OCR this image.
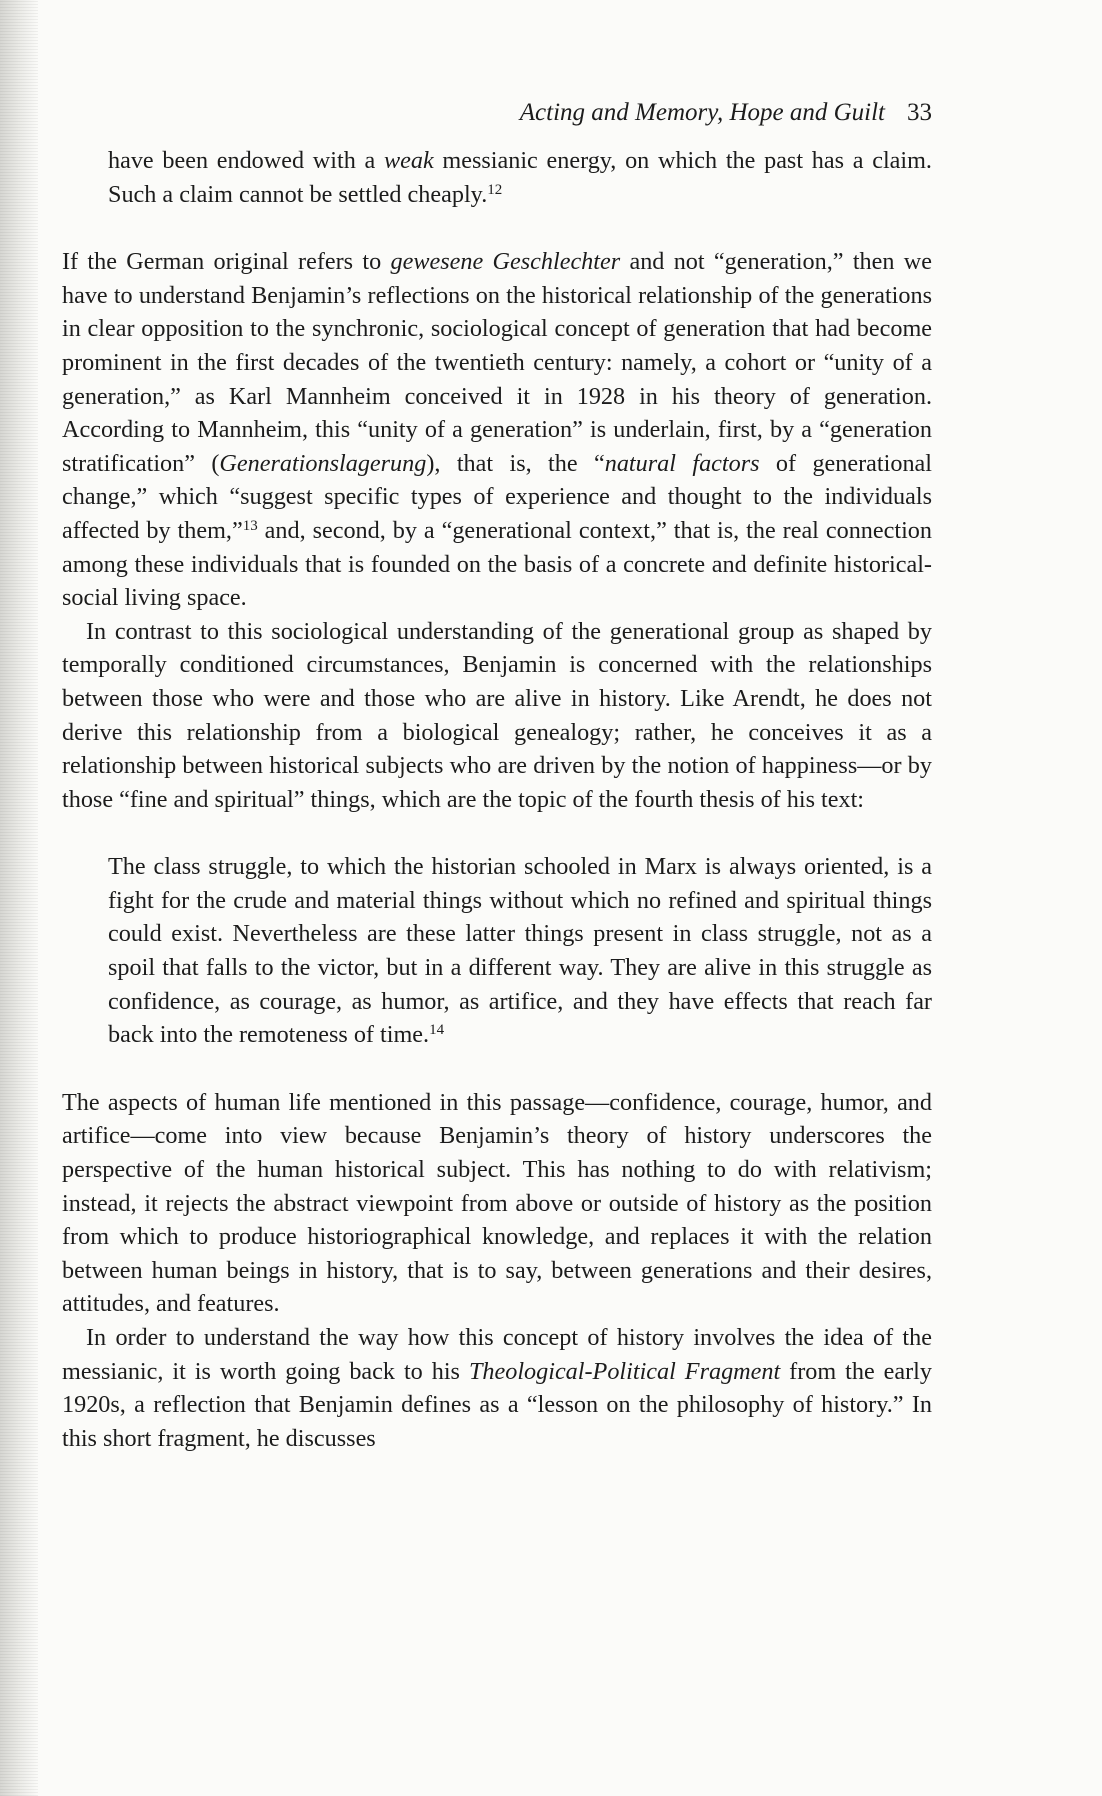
Acting and Memory, Hope and Guilt 33

have been endowed with a weak messianic energy, on which the past has a claim. Such a claim cannot be settled cheaply.$^{12}$

If the German original refers to gewesene Geschlechter and not “generation,” then we have to understand Benjamin’s reflections on the historical relationship of the generations in clear opposition to the synchronic, sociological concept of generation that had become prominent in the first decades of the twentieth century: namely, a cohort or “unity of a generation,” as Karl Mannheim conceived it in 1928 in his theory of generation. According to Mannheim, this “unity of a generation” is underlain, first, by a “generation stratification” (Generationslagerung), that is, the “natural factors of generational change,” which “suggest specific types of experience and thought to the individuals affected by them,”$^{13}$ and, second, by a “generational context,” that is, the real connection among these individuals that is founded on the basis of a concrete and definite historical-social living space.

In contrast to this sociological understanding of the generational group as shaped by temporally conditioned circumstances, Benjamin is concerned with the relationships between those who were and those who are alive in history. Like Arendt, he does not derive this relationship from a biological genealogy; rather, he conceives it as a relationship between historical subjects who are driven by the notion of happiness—or by those “fine and spiritual” things, which are the topic of the fourth thesis of his text:

The class struggle, to which the historian schooled in Marx is always oriented, is a fight for the crude and material things without which no refined and spiritual things could exist. Nevertheless are these latter things present in class struggle, not as a spoil that falls to the victor, but in a different way. They are alive in this struggle as confidence, as courage, as humor, as artifice, and they have effects that reach far back into the remoteness of time.$^{14}$

The aspects of human life mentioned in this passage—confidence, courage, humor, and artifice—come into view because Benjamin’s theory of history underscores the perspective of the human historical subject. This has nothing to do with relativism; instead, it rejects the abstract viewpoint from above or outside of history as the position from which to produce historiographical knowledge, and replaces it with the relation between human beings in history, that is to say, between generations and their desires, attitudes, and features.

In order to understand the way how this concept of history involves the idea of the messianic, it is worth going back to his Theological-Political Fragment from the early 1920s, a reflection that Benjamin defines as a “lesson on the philosophy of history.” In this short fragment, he discusses
